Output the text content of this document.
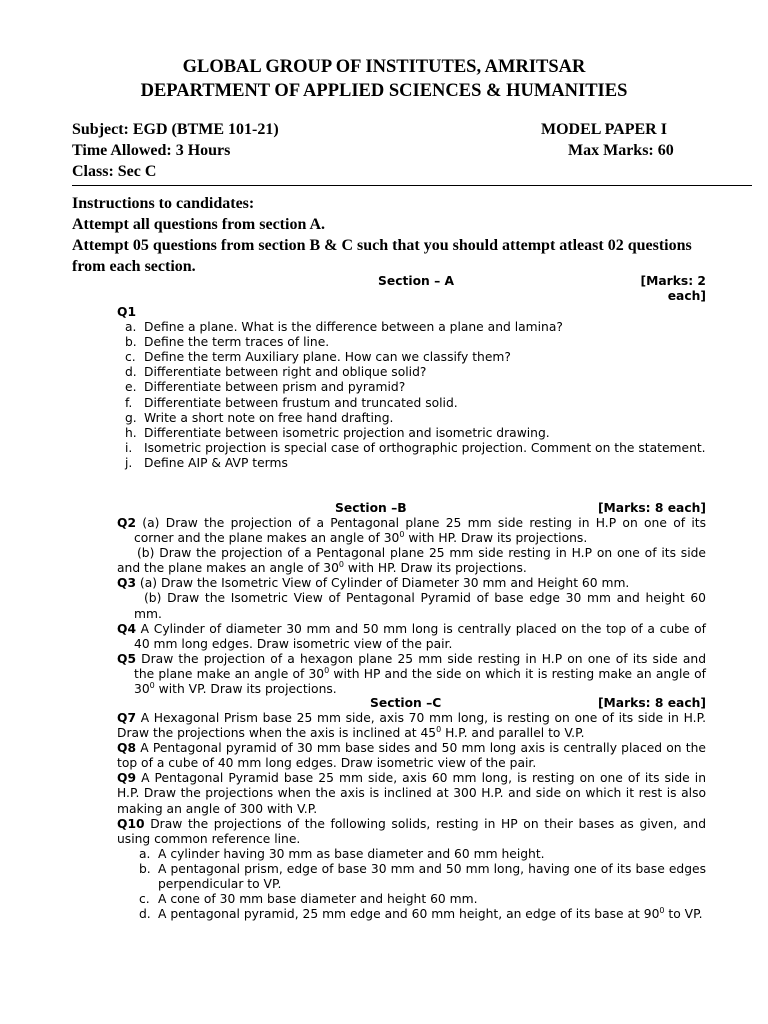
GLOBAL GROUP OF INSTITUTES, AMRITSAR
DEPARTMENT OF APPLIED SCIENCES & HUMANITIES
Subject: EGD (BTME 101-21)	MODEL PAPER I
Time Allowed: 3 Hours	Max Marks: 60
Class: Sec C
Instructions to candidates:
Attempt all questions from section A.
Attempt 05 questions from section B & C such that you should attempt atleast 02 questions from each section.
Section – A	[Marks: 2
each]
Q1
a. Define a plane. What is the difference between a plane and lamina?
b. Define the term traces of line.
c. Define the term Auxiliary plane. How can we classify them?
d. Differentiate between right and oblique solid?
e. Differentiate between prism and pyramid?
f. Differentiate between frustum and truncated solid.
g. Write a short note on free hand drafting.
h. Differentiate between isometric projection and isometric drawing.
i. Isometric projection is special case of orthographic projection. Comment on the statement.
j. Define AIP & AVP terms
Section –B	[Marks: 8 each]
Q2 (a) Draw the projection of a Pentagonal plane 25 mm side resting in H.P on one of its corner and the plane makes an angle of $30^0$ with HP. Draw its projections.
(b) Draw the projection of a Pentagonal plane 25 mm side resting in H.P on one of its side and the plane makes an angle of $30^0$ with HP. Draw its projections.
Q3 (a) Draw the Isometric View of Cylinder of Diameter 30 mm and Height 60 mm.
(b) Draw the Isometric View of Pentagonal Pyramid of base edge 30 mm and height 60 mm.
Q4 A Cylinder of diameter 30 mm and 50 mm long is centrally placed on the top of a cube of 40 mm long edges. Draw isometric view of the pair.
Q5 Draw the projection of a hexagon plane 25 mm side resting in H.P on one of its side and the plane make an angle of $30^0$ with HP and the side on which it is resting make an angle of $30^0$ with VP. Draw its projections.
Section –C	[Marks: 8 each]
Q7 A Hexagonal Prism base 25 mm side, axis 70 mm long, is resting on one of its side in H.P. Draw the projections when the axis is inclined at $45^0$ H.P. and parallel to V.P.
Q8 A Pentagonal pyramid of 30 mm base sides and 50 mm long axis is centrally placed on the top of a cube of 40 mm long edges. Draw isometric view of the pair.
Q9 A Pentagonal Pyramid base 25 mm side, axis 60 mm long, is resting on one of its side in H.P. Draw the projections when the axis is inclined at 300 H.P. and side on which it rest is also making an angle of 300 with V.P.
Q10 Draw the projections of the following solids, resting in HP on their bases as given, and using common reference line.
a. A cylinder having 30 mm as base diameter and 60 mm height.
b. A pentagonal prism, edge of base 30 mm and 50 mm long, having one of its base edges perpendicular to VP.
c. A cone of 30 mm base diameter and height 60 mm.
d. A pentagonal pyramid, 25 mm edge and 60 mm height, an edge of its base at $90^0$ to VP.
